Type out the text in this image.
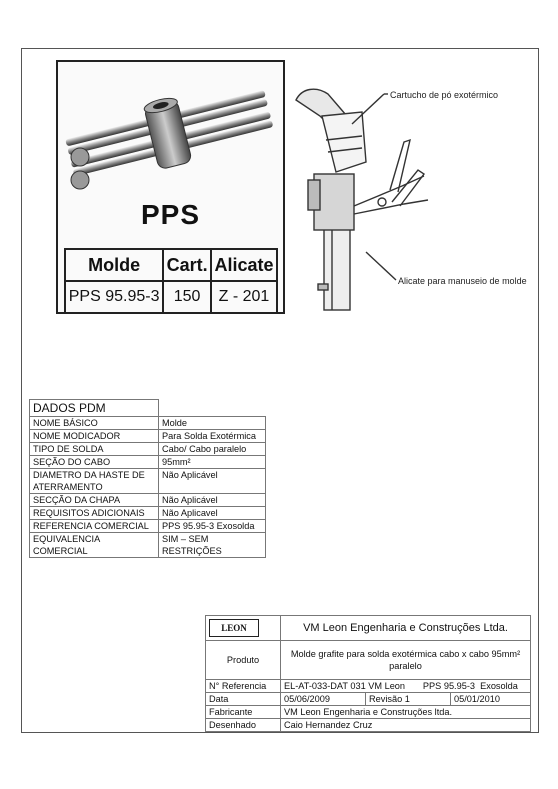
PPS
Molde	Cart.	Alicate
PPS 95.95-3	150	Z - 201
Cartucho de pó exotérmico
Alicate para manuseio de molde
DADOS PDM	
NOME BÁSICO	Molde
NOME MODICADOR	Para Solda Exotérmica
TIPO DE SOLDA	Cabo/ Cabo paralelo
SEÇÃO DO CABO	95mm²
DIAMETRO DA HASTE DE ATERRAMENTO	Não Aplicável
SECÇÃO DA CHAPA	Não Aplicável
REQUISITOS ADICIONAIS	Não Aplicavel
REFERENCIA COMERCIAL	PPS 95.95-3 Exosolda
EQUIVALENCIA COMERCIAL	SIM – SEM RESTRIÇÕES
LEON	VM Leon Engenharia e Construções Ltda.		
Produto	Molde grafite para solda exotérmica cabo x cabo 95mm² paralelo		
N° Referencia	EL-AT-033-DAT 031 VM Leon       PPS 95.95-3  Exosolda		
Data	05/06/2009	Revisão 1	05/01/2010
Fabricante	VM Leon Engenharia e Construções ltda.		
Desenhado	Caio Hernandez Cruz		
